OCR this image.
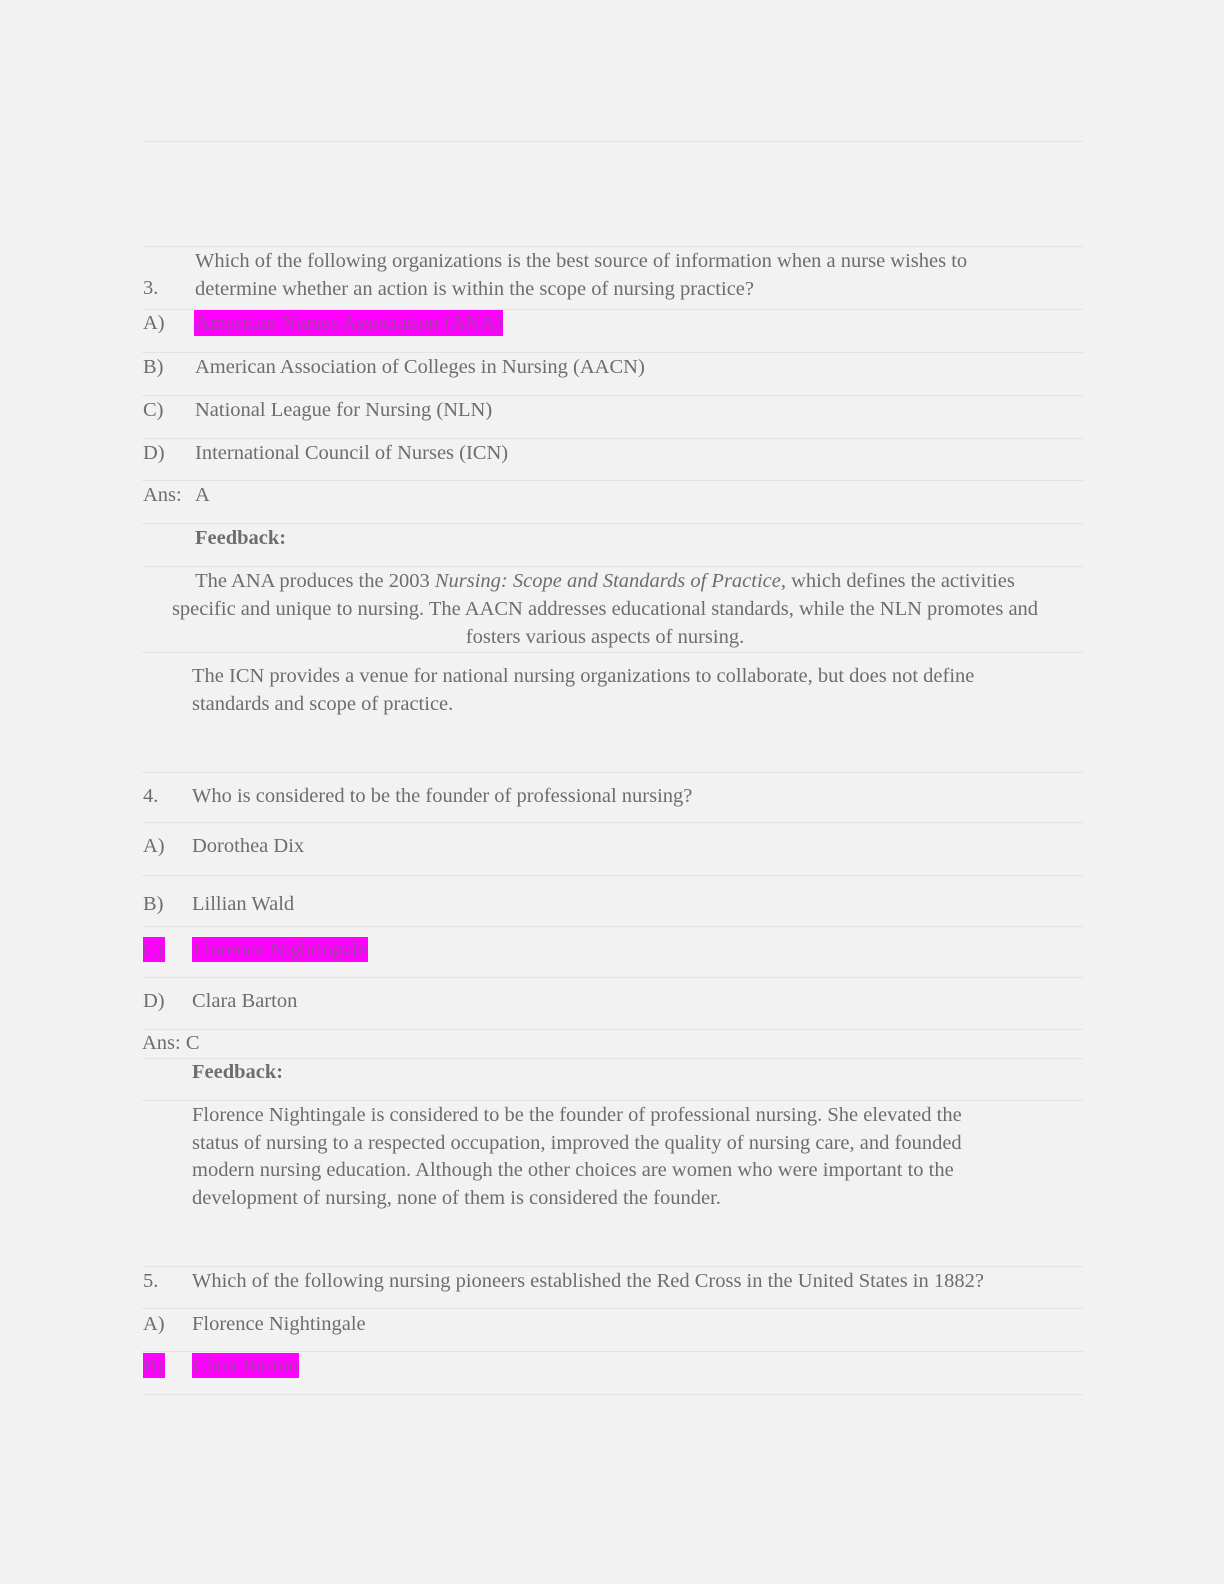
3.
Which of the following organizations is the best source of information when a nurse wishes to
determine whether an action is within the scope of nursing practice?
A) American Nurses Association (ANA)
B) American Association of Colleges in Nursing (AACN)
C) National League for Nursing (NLN)
D) International Council of Nurses (ICN)
Ans: A
Feedback:
The ANA produces the 2003 Nursing: Scope and Standards of Practice, which defines the activities
specific and unique to nursing. The AACN addresses educational standards, while the NLN promotes and
fosters various aspects of nursing.
The ICN provides a venue for national nursing organizations to collaborate, but does not define
standards and scope of practice.
4. Who is considered to be the founder of professional nursing?
A) Dorothea Dix
B) Lillian Wald
C) Florence Nightingale
D) Clara Barton
Ans: C
Feedback:
Florence Nightingale is considered to be the founder of professional nursing. She elevated the
status of nursing to a respected occupation, improved the quality of nursing care, and founded
modern nursing education. Although the other choices are women who were important to the
development of nursing, none of them is considered the founder.
5. Which of the following nursing pioneers established the Red Cross in the United States in 1882?
A) Florence Nightingale
B) Clara Barton
